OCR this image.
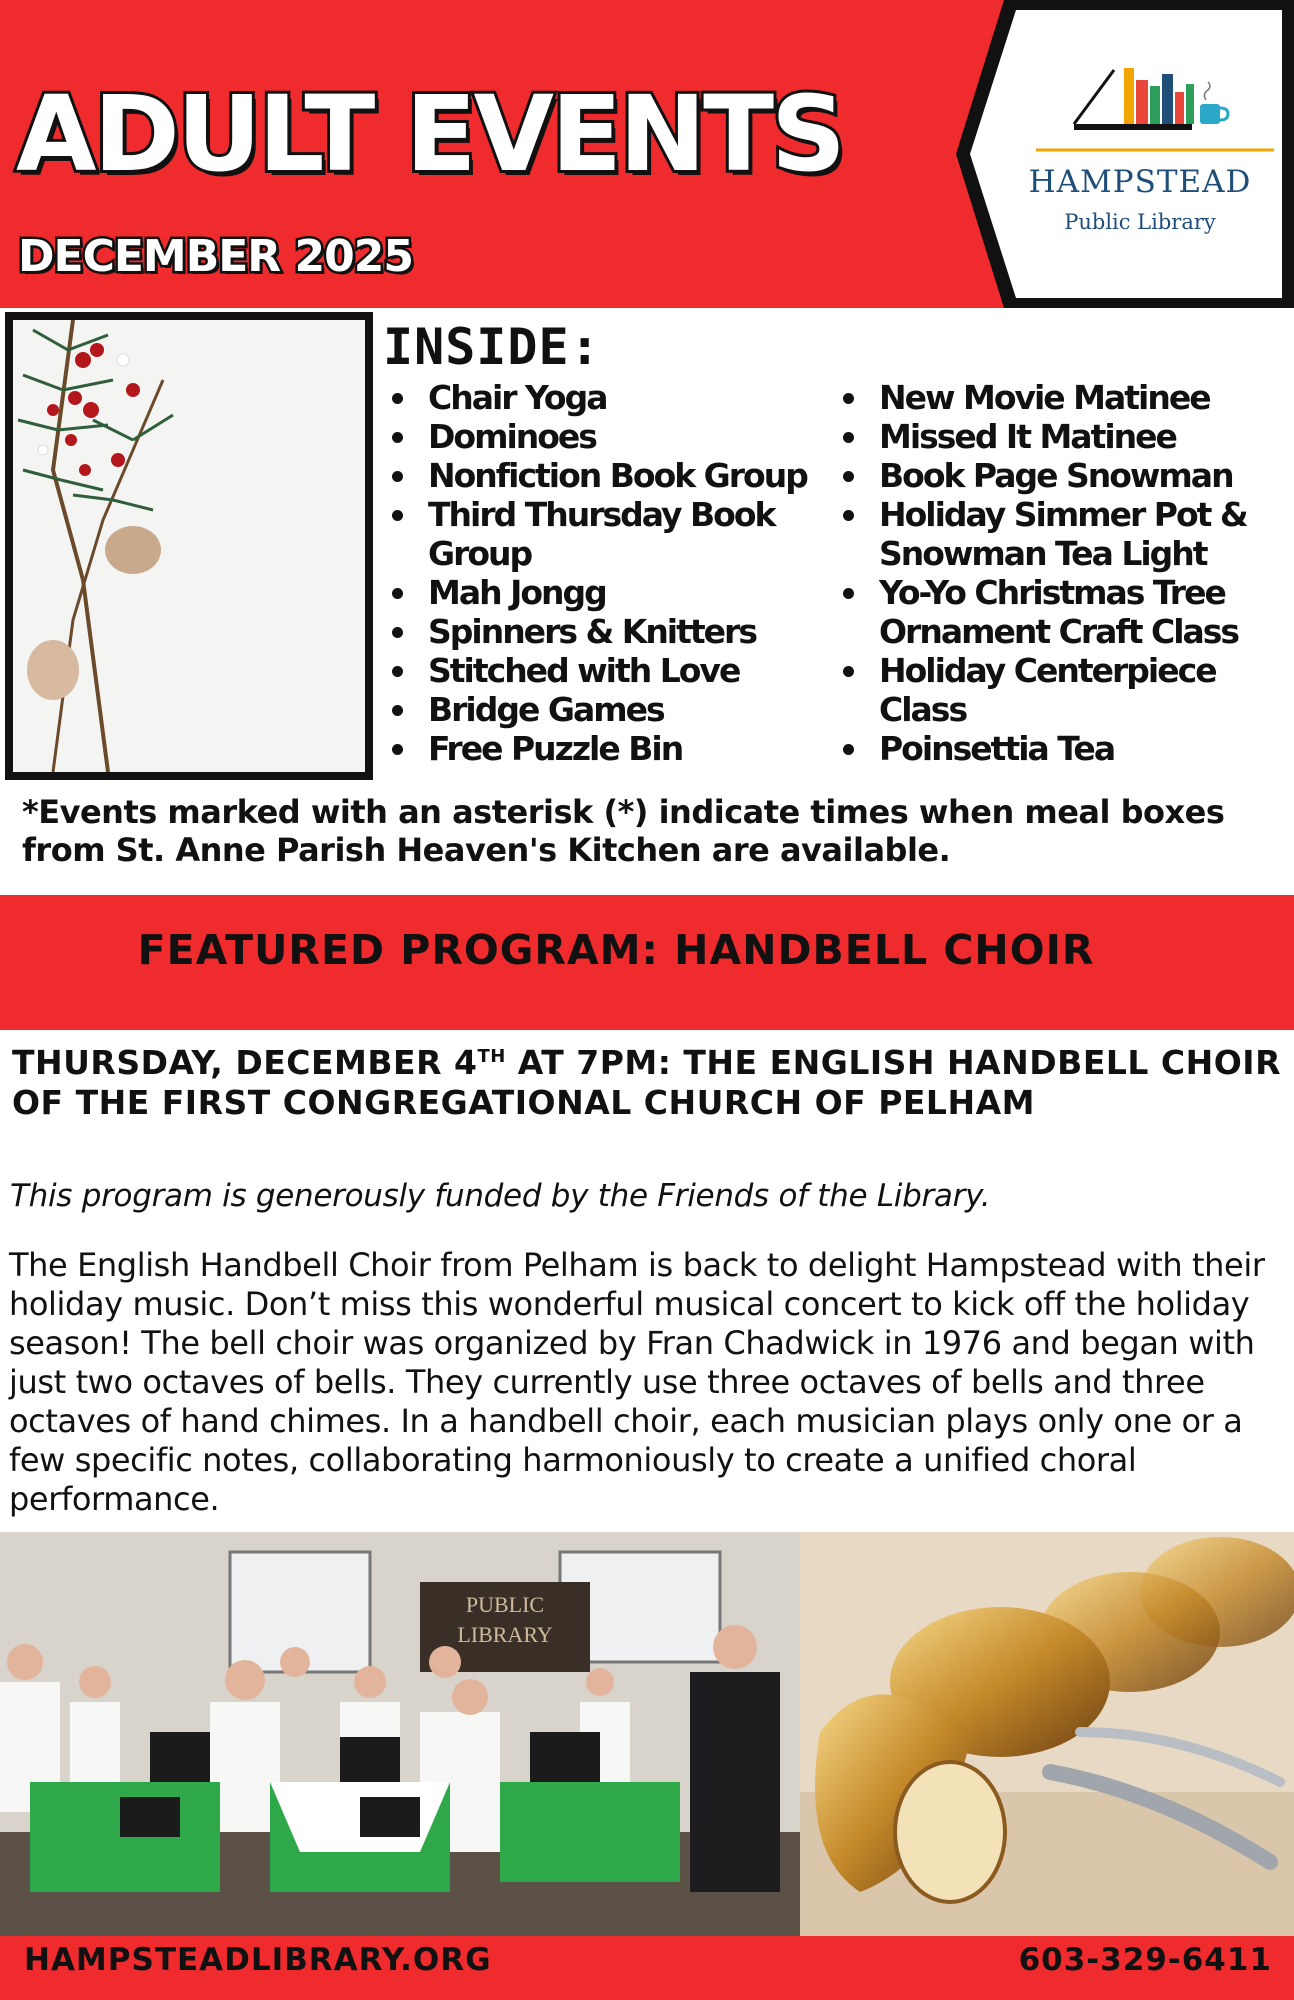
ADULT EVENTS
DECEMBER 2025
HAMPSTEAD
Public Library
INSIDE:
Chair Yoga
Dominoes
Nonfiction Book Group
Third Thursday Book Group
Mah Jongg
Spinners & Knitters
Stitched with Love
Bridge Games
Free Puzzle Bin
New Movie Matinee
Missed It Matinee
Book Page Snowman
Holiday Simmer Pot & Snowman Tea Light
Yo-Yo Christmas Tree Ornament Craft Class
Holiday Centerpiece Class
Poinsettia Tea

*Events marked with an asterisk (*) indicate times when meal boxes from St. Anne Parish Heaven's Kitchen are available.

FEATURED PROGRAM: HANDBELL CHOIR
THURSDAY, DECEMBER 4TH AT 7PM: THE ENGLISH HANDBELL CHOIR OF THE FIRST CONGREGATIONAL CHURCH OF PELHAM

This program is generously funded by the Friends of the Library.

The English Handbell Choir from Pelham is back to delight Hampstead with their holiday music. Don’t miss this wonderful musical concert to kick off the holiday season! The bell choir was organized by Fran Chadwick in 1976 and began with just two octaves of bells. They currently use three octaves of bells and three octaves of hand chimes. In a handbell choir, each musician plays only one or a few specific notes, collaborating harmoniously to create a unified choral performance.

PUBLIC
LIBRARY

HAMPSTEADLIBRARY.ORG	603-329-6411
